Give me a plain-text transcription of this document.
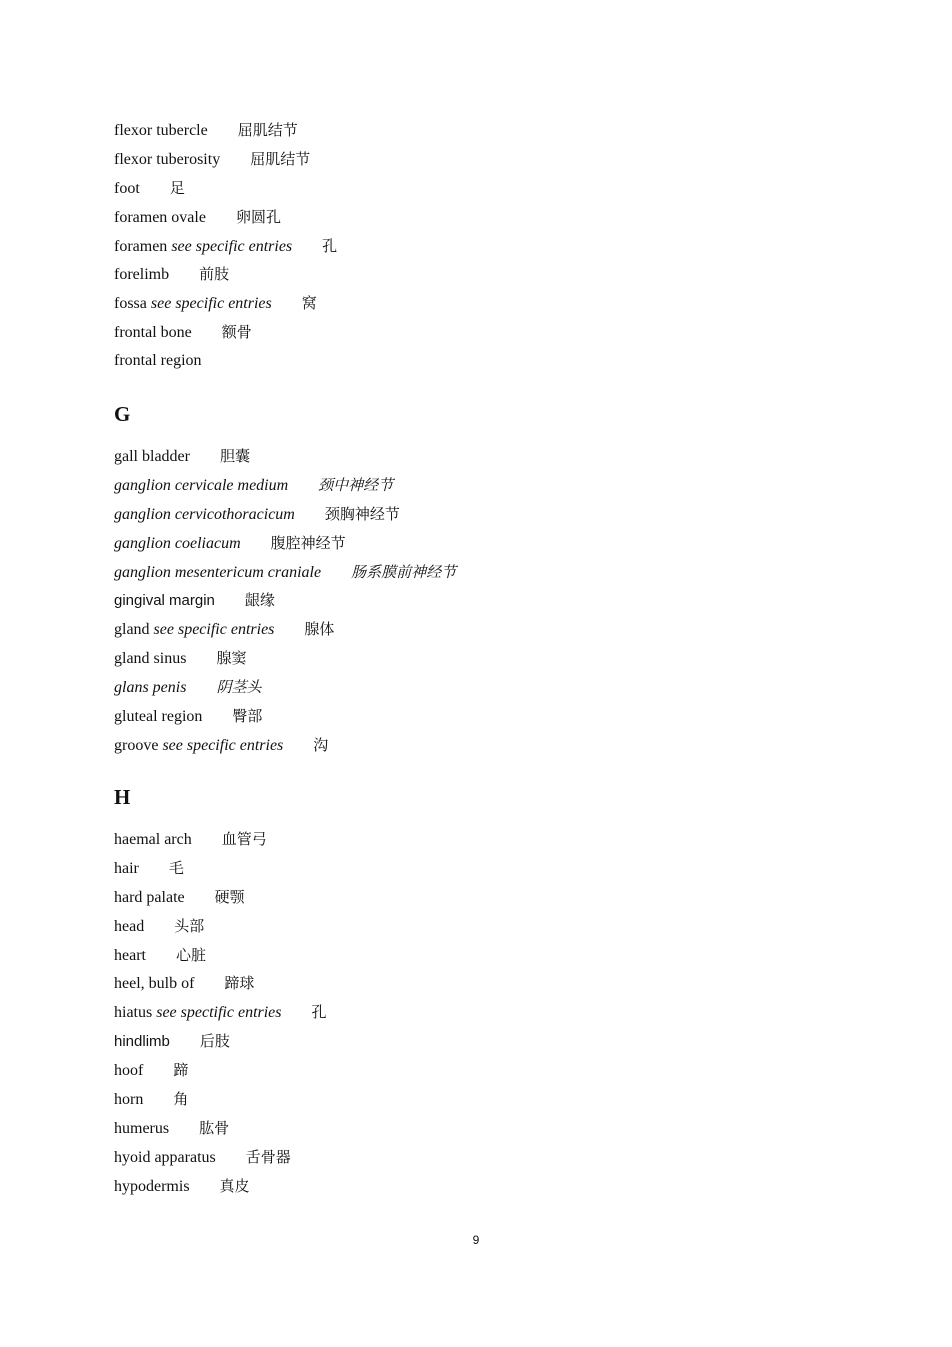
flexor tubercle 屈肌结节
flexor tuberosity 屈肌结节
foot 足
foramen ovale 卵圆孔
foramen see specific entries 孔
forelimb 前肢
fossa see specific entries 窝
frontal bone 额骨
frontal region
G
gall bladder 胆囊
ganglion cervicale medium 颈中神经节
ganglion cervicothoracicum 颈胸神经节
ganglion coeliacum 腹腔神经节
ganglion mesentericum craniale 肠系膜前神经节
gingival margin 龈缘
gland see specific entries 腺体
gland sinus 腺窦
glans penis 阴茎头
gluteal region 臀部
groove see specific entries 沟
H
haemal arch 血管弓
hair 毛
hard palate 硬颚
head 头部
heart 心脏
heel, bulb of 蹄球
hiatus see spectific entries 孔
hindlimb 后肢
hoof 蹄
horn 角
humerus 肱骨
hyoid apparatus 舌骨器
hypodermis 真皮
9
